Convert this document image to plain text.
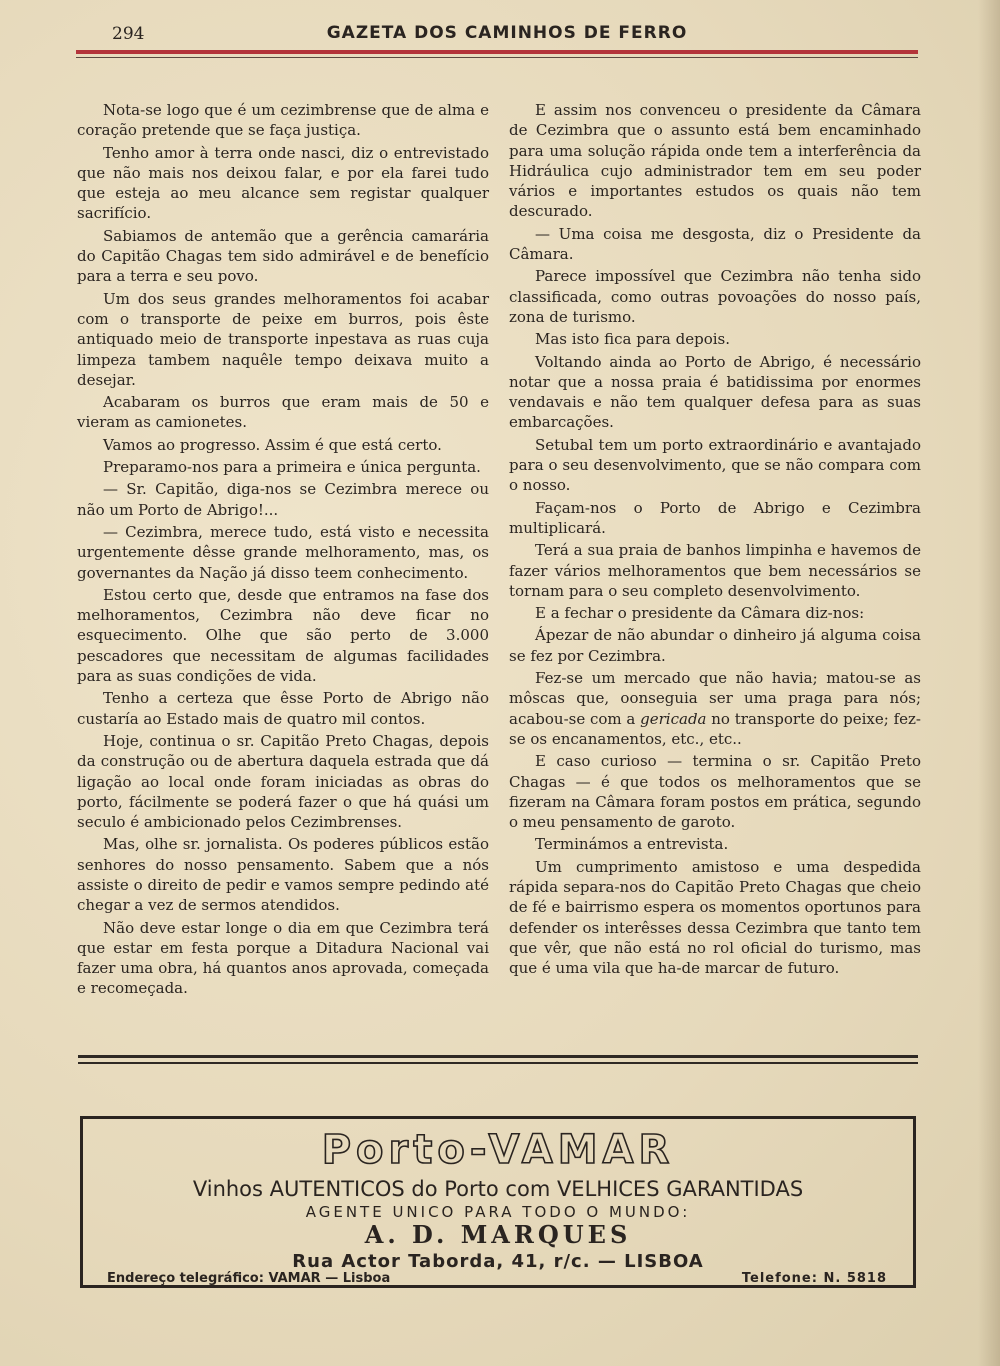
294	GAZETA DOS CAMINHOS DE FERRO

Nota-se logo que é um cezimbrense que de alma e coração pretende que se faça justiça.

Tenho amor à terra onde nasci, diz o entrevistado que não mais nos deixou falar, e por ela farei tudo que esteja ao meu alcance sem registar qualquer sacrifício.

Sabiamos de antemão que a gerência camarária do Capitão Chagas tem sido admirável e de benefício para a terra e seu povo.

Um dos seus grandes melhoramentos foi acabar com o transporte de peixe em burros, pois êste antiquado meio de transporte inpestava as ruas cuja limpeza tambem naquêle tempo deixava muito a desejar.

Acabaram os burros que eram mais de 50 e vieram as camionetes.

Vamos ao progresso. Assim é que está certo.

Preparamo-nos para a primeira e única pergunta.

— Sr. Capitão, diga-nos se Cezimbra merece ou não um Porto de Abrigo!...

— Cezimbra, merece tudo, está visto e necessita urgentemente dêsse grande melhoramento, mas, os governantes da Nação já disso teem conhecimento.

Estou certo que, desde que entramos na fase dos melhoramentos, Cezimbra não deve ficar no esquecimento. Olhe que são perto de 3.000 pescadores que necessitam de algumas facilidades para as suas condições de vida.

Tenho a certeza que êsse Porto de Abrigo não custaría ao Estado mais de quatro mil contos.

Hoje, continua o sr. Capitão Preto Chagas, depois da construção ou de abertura daquela estrada que dá ligação ao local onde foram iniciadas as obras do porto, fácilmente se poderá fazer o que há quási um seculo é ambicionado pelos Cezimbrenses.

Mas, olhe sr. jornalista. Os poderes públicos estão senhores do nosso pensamento. Sabem que a nós assiste o direito de pedir e vamos sempre pedindo até chegar a vez de sermos atendidos.

Não deve estar longe o dia em que Cezimbra terá que estar em festa porque a Ditadura Nacional vai fazer uma obra, há quantos anos aprovada, começada e recomeçada.

E assim nos convenceu o presidente da Câmara de Cezimbra que o assunto está bem encaminhado para uma solução rápida onde tem a interferência da Hidráulica cujo administrador tem em seu poder vários e importantes estudos os quais não tem descurado.

— Uma coisa me desgosta, diz o Presidente da Câmara.

Parece impossível que Cezimbra não tenha sido classificada, como outras povoações do nosso país, zona de turismo.

Mas isto fica para depois.

Voltando ainda ao Porto de Abrigo, é necessário notar que a nossa praia é batidissima por enormes vendavais e não tem qualquer defesa para as suas embarcações.

Setubal tem um porto extraordinário e avantajado para o seu desenvolvimento, que se não compara com o nosso.

Façam-nos o Porto de Abrigo e Cezimbra multiplicará.

Terá a sua praia de banhos limpinha e havemos de fazer vários melhoramentos que bem necessários se tornam para o seu completo desenvolvimento.

E a fechar o presidente da Câmara diz-nos:

Ápezar de não abundar o dinheiro já alguma coisa se fez por Cezimbra.

Fez-se um mercado que não havia; matou-se as môscas que, oonseguia ser uma praga para nós; acabou-se com a gericada no transporte do peixe; fez-se os encanamentos, etc., etc..

E caso curioso — termina o sr. Capitão Preto Chagas — é que todos os melhoramentos que se fizeram na Câmara foram postos em prática, segundo o meu pensamento de garoto.

Terminámos a entrevista.

Um cumprimento amistoso e uma despedida rápida separa-nos do Capitão Preto Chagas que cheio de fé e bairrismo espera os momentos oportunos para defender os interêsses dessa Cezimbra que tanto tem que vêr, que não está no rol oficial do turismo, mas que é uma vila que ha-de marcar de futuro.

Porto-VAMAR
Vinhos AUTENTICOS do Porto com VELHICES GARANTIDAS
AGENTE UNICO PARA TODO O MUNDO:
A. D. MARQUES
Rua Actor Taborda, 41, r/c. — LISBOA
Endereço telegráfico: VAMAR — Lisboa	Telefone: N. 5818
